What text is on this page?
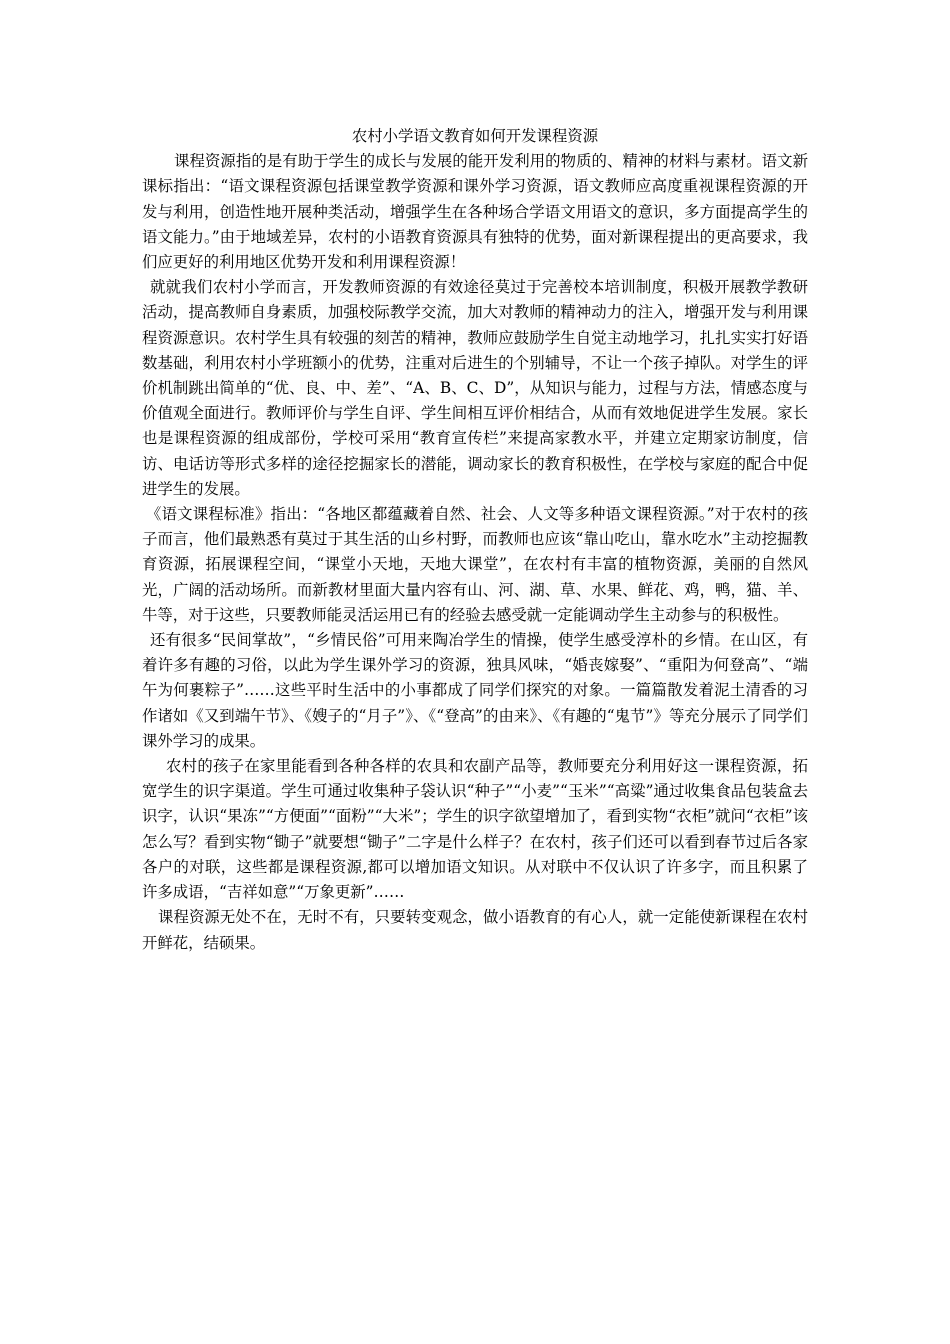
农村小学语文教育如何开发课程资源

课程资源指的是有助于学生的成长与发展的能开发利用的物质的、精神的材料与素材。语文新课标指出：“语文课程资源包括课堂教学资源和课外学习资源，语文教师应高度重视课程资源的开发与利用，创造性地开展种类活动，增强学生在各种场合学语文用语文的意识，多方面提高学生的语文能力。”由于地域差异，农村的小语教育资源具有独特的优势，面对新课程提出的更高要求，我们应更好的利用地区优势开发和利用课程资源！

就就我们农村小学而言，开发教师资源的有效途径莫过于完善校本培训制度，积极开展教学教研活动，提高教师自身素质，加强校际教学交流，加大对教师的精神动力的注入，增强开发与利用课程资源意识。农村学生具有较强的刻苦的精神，教师应鼓励学生自觉主动地学习，扎扎实实打好语数基础，利用农村小学班额小的优势，注重对后进生的个别辅导，不让一个孩子掉队。对学生的评价机制跳出简单的“优、良、中、差”、“A、B、C、D”，从知识与能力，过程与方法，情感态度与价值观全面进行。教师评价与学生自评、学生间相互评价相结合，从而有效地促进学生发展。家长也是课程资源的组成部份，学校可采用“教育宣传栏”来提高家教水平，并建立定期家访制度，信访、电话访等形式多样的途径挖掘家长的潜能，调动家长的教育积极性，在学校与家庭的配合中促进学生的发展。

《语文课程标准》指出：“各地区都蕴藏着自然、社会、人文等多种语文课程资源。”对于农村的孩子而言，他们最熟悉有莫过于其生活的山乡村野，而教师也应该“靠山吃山，靠水吃水”主动挖掘教育资源，拓展课程空间，“课堂小天地，天地大课堂”，在农村有丰富的植物资源，美丽的自然风光，广阔的活动场所。而新教材里面大量内容有山、河、湖、草、水果、鲜花、鸡，鸭，猫、羊、牛等，对于这些，只要教师能灵活运用已有的经验去感受就一定能调动学生主动参与的积极性。

还有很多“民间掌故”，“乡情民俗”可用来陶冶学生的情操，使学生感受淳朴的乡情。在山区，有着许多有趣的习俗，以此为学生课外学习的资源，独具风味，“婚丧嫁娶”、“重阳为何登高”、“端午为何裹粽子”……这些平时生活中的小事都成了同学们探究的对象。一篇篇散发着泥土清香的习作诸如《又到端午节》、《嫂子的“月子”》、《“登高”的由来》、《有趣的“鬼节”》等充分展示了同学们课外学习的成果。

农村的孩子在家里能看到各种各样的农具和农副产品等，教师要充分利用好这一课程资源，拓宽学生的识字渠道。学生可通过收集种子袋认识“种子”“小麦”“玉米”“高粱”通过收集食品包装盒去识字，认识“果冻”“方便面”“面粉”“大米”；学生的识字欲望增加了，看到实物“衣柜”就问“衣柜”该怎么写？看到实物“锄子”就要想“锄子”二字是什么样子？在农村，孩子们还可以看到春节过后各家各户的对联，这些都是课程资源,都可以增加语文知识。从对联中不仅认识了许多字，而且积累了许多成语，“吉祥如意”“万象更新”……

课程资源无处不在，无时不有，只要转变观念，做小语教育的有心人，就一定能使新课程在农村开鲜花，结硕果。
